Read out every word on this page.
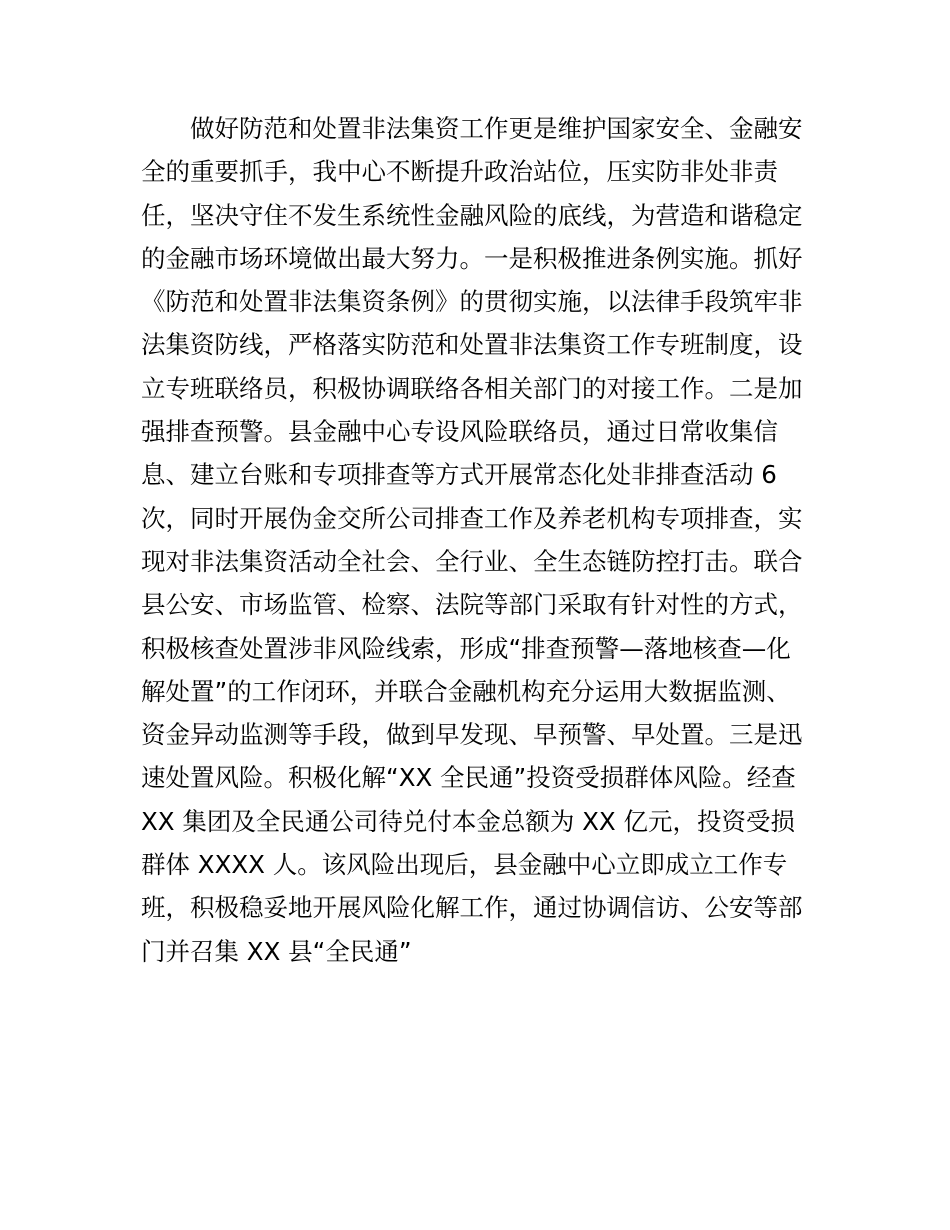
做好防范和处置非法集资工作更是维护国家安全、金融安
全的重要抓手，我中心不断提升政治站位，压实防非处非责
任，坚决守住不发生系统性金融风险的底线，为营造和谐稳定
的金融市场环境做出最大努力。一是积极推进条例实施。抓好
《防范和处置非法集资条例》的贯彻实施，以法律手段筑牢非
法集资防线，严格落实防范和处置非法集资工作专班制度，设
立专班联络员，积极协调联络各相关部门的对接工作。二是加
强排查预警。县金融中心专设风险联络员，通过日常收集信
息、建立台账和专项排查等方式开展常态化处非排查活动 6
次，同时开展伪金交所公司排查工作及养老机构专项排查，实
现对非法集资活动全社会、全行业、全生态链防控打击。联合
县公安、市场监管、检察、法院等部门采取有针对性的方式，
积极核查处置涉非风险线索，形成“排查预警—落地核查—化
解处置”的工作闭环，并联合金融机构充分运用大数据监测、
资金异动监测等手段，做到早发现、早预警、早处置。三是迅
速处置风险。积极化解“XX 全民通”投资受损群体风险。经查
XX 集团及全民通公司待兑付本金总额为 XX 亿元，投资受损
群体 XXXX 人。该风险出现后，县金融中心立即成立工作专
班，积极稳妥地开展风险化解工作，通过协调信访、公安等部
门并召集 XX 县“全民通”
